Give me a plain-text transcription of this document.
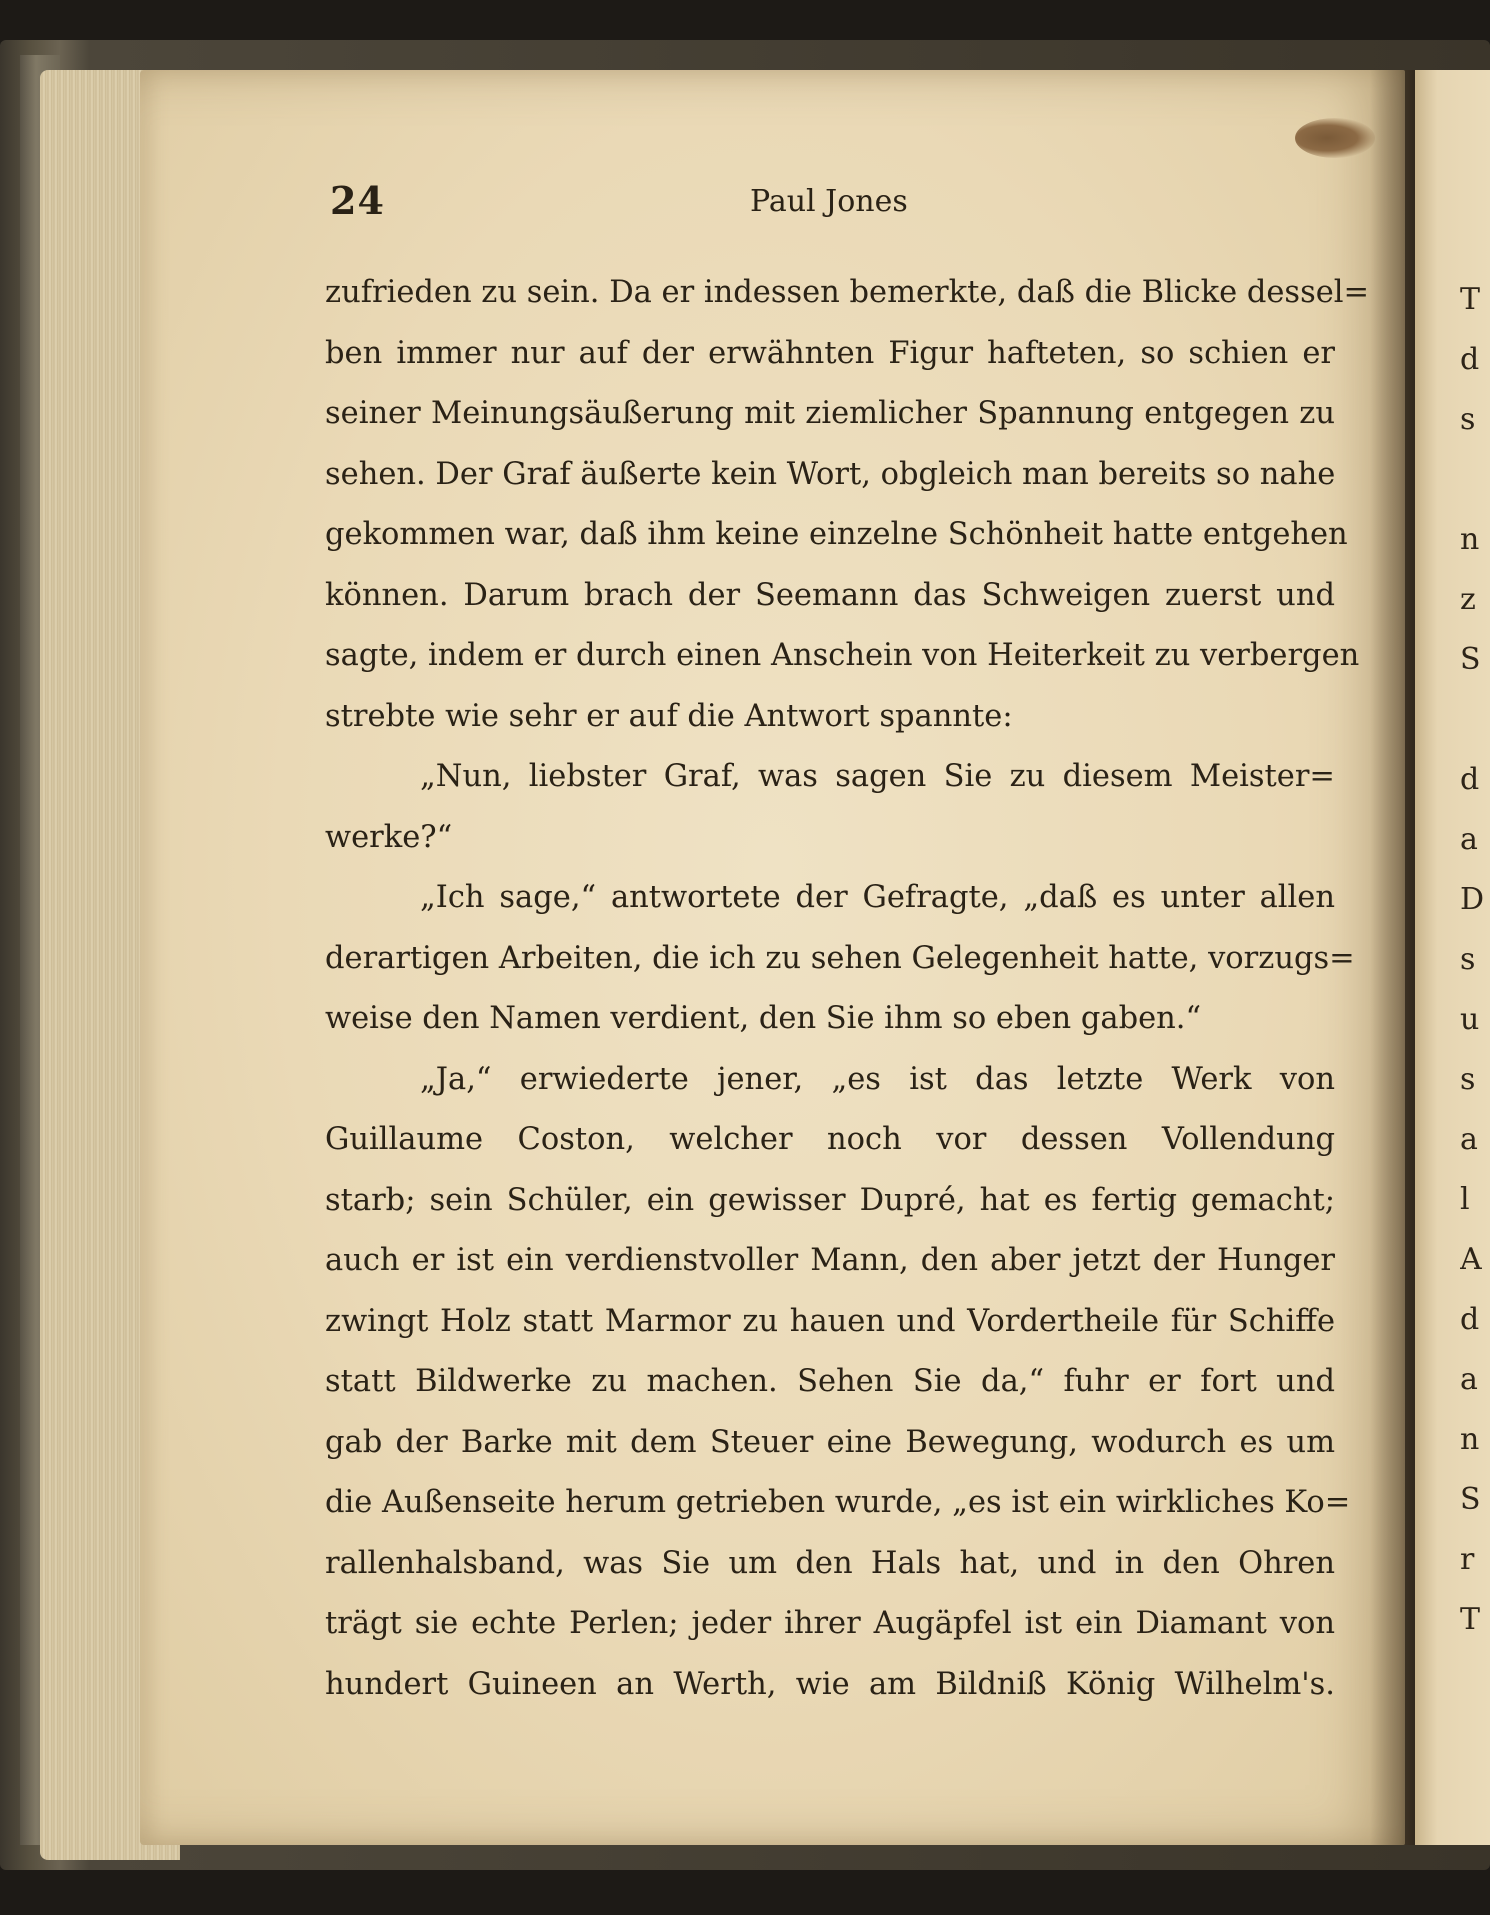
24	Paul Jones
zufrieden zu sein. Da er indessen bemerkte, daß die Blicke dessel=
ben immer nur auf der erwähnten Figur hafteten, so schien er
seiner Meinungsäußerung mit ziemlicher Spannung entgegen zu
sehen. Der Graf äußerte kein Wort, obgleich man bereits so nahe
gekommen war, daß ihm keine einzelne Schönheit hatte entgehen
können. Darum brach der Seemann das Schweigen zuerst und
sagte, indem er durch einen Anschein von Heiterkeit zu verbergen
strebte wie sehr er auf die Antwort spannte:
„Nun, liebster Graf, was sagen Sie zu diesem Meister=
werke?“
„Ich sage,“ antwortete der Gefragte, „daß es unter allen
derartigen Arbeiten, die ich zu sehen Gelegenheit hatte, vorzugs=
weise den Namen verdient, den Sie ihm so eben gaben.“
„Ja,“ erwiederte jener, „es ist das letzte Werk von
Guillaume Coston, welcher noch vor dessen Vollendung
starb; sein Schüler, ein gewisser Dupré, hat es fertig gemacht;
auch er ist ein verdienstvoller Mann, den aber jetzt der Hunger
zwingt Holz statt Marmor zu hauen und Vordertheile für Schiffe
statt Bildwerke zu machen. Sehen Sie da,“ fuhr er fort und
gab der Barke mit dem Steuer eine Bewegung, wodurch es um
die Außenseite herum getrieben wurde, „es ist ein wirkliches Ko=
rallenhalsband, was Sie um den Hals hat, und in den Ohren
trägt sie echte Perlen; jeder ihrer Augäpfel ist ein Diamant von
hundert Guineen an Werth, wie am Bildniß König Wilhelm's.
T
d
s
n
z
S
d
a
D
s
u
s
a
l
A
d
a
n
S
r
T
